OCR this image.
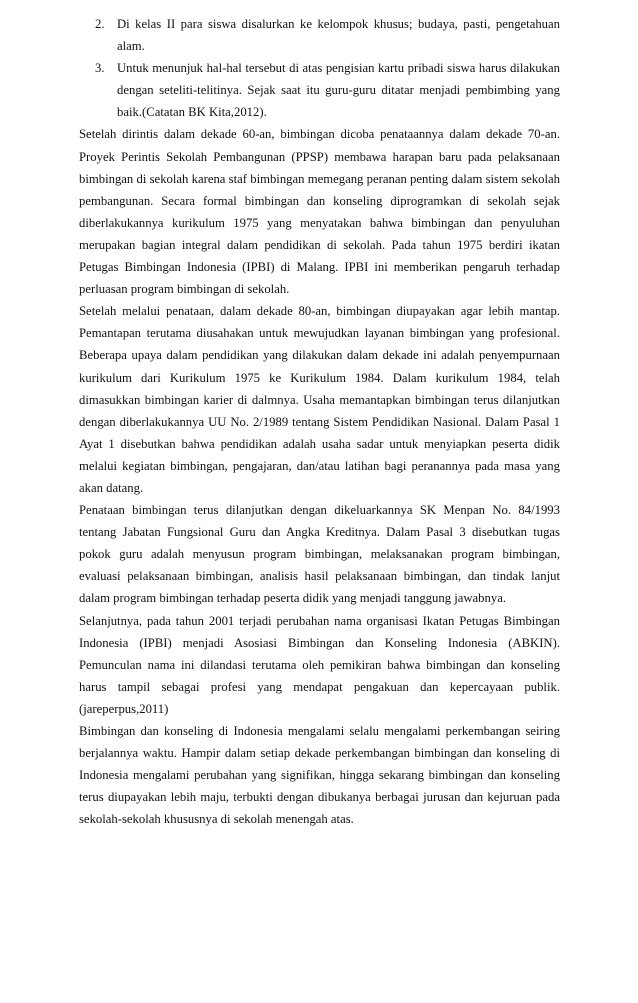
2. Di kelas II para siswa disalurkan ke kelompok khusus; budaya, pasti, pengetahuan alam.
3. Untuk menunjuk hal-hal tersebut di atas pengisian kartu pribadi siswa harus dilakukan dengan seteliti-telitinya. Sejak saat itu guru-guru ditatar menjadi pembimbing yang baik.(Catatan BK Kita,2012).

Setelah dirintis dalam dekade 60-an, bimbingan dicoba penataannya dalam dekade 70-an. Proyek Perintis Sekolah Pembangunan (PPSP) membawa harapan baru pada pelaksanaan bimbingan di sekolah karena staf bimbingan memegang peranan penting dalam sistem sekolah pembangunan. Secara formal bimbingan dan konseling diprogramkan di sekolah sejak diberlakukannya kurikulum 1975 yang menyatakan bahwa bimbingan dan penyuluhan merupakan bagian integral dalam pendidikan di sekolah. Pada tahun 1975 berdiri ikatan Petugas Bimbingan Indonesia (IPBI) di Malang. IPBI ini memberikan pengaruh terhadap perluasan program bimbingan di sekolah.

Setelah melalui penataan, dalam dekade 80-an, bimbingan diupayakan agar lebih mantap. Pemantapan terutama diusahakan untuk mewujudkan layanan bimbingan yang profesional. Beberapa upaya dalam pendidikan yang dilakukan dalam dekade ini adalah penyempurnaan kurikulum dari Kurikulum 1975 ke Kurikulum 1984. Dalam kurikulum 1984, telah dimasukkan bimbingan karier di dalmnya. Usaha memantapkan bimbingan terus dilanjutkan dengan diberlakukannya UU No. 2/1989 tentang Sistem Pendidikan Nasional. Dalam Pasal 1 Ayat 1 disebutkan bahwa pendidikan adalah usaha sadar untuk menyiapkan peserta didik melalui kegiatan bimbingan, pengajaran, dan/atau latihan bagi peranannya pada masa yang akan datang.

Penataan bimbingan terus dilanjutkan dengan dikeluarkannya SK Menpan No. 84/1993 tentang Jabatan Fungsional Guru dan Angka Kreditnya. Dalam Pasal 3 disebutkan tugas pokok guru adalah menyusun program bimbingan, melaksanakan program bimbingan, evaluasi pelaksanaan bimbingan, analisis hasil pelaksanaan bimbingan, dan tindak lanjut dalam program bimbingan terhadap peserta didik yang menjadi tanggung jawabnya.

Selanjutnya, pada tahun 2001 terjadi perubahan nama organisasi Ikatan Petugas Bimbingan Indonesia (IPBI) menjadi Asosiasi Bimbingan dan Konseling Indonesia (ABKIN). Pemunculan nama ini dilandasi terutama oleh pemikiran bahwa bimbingan dan konseling harus tampil sebagai profesi yang mendapat pengakuan dan kepercayaan publik.(jareperpus,2011)

Bimbingan dan konseling di Indonesia mengalami selalu mengalami perkembangan seiring berjalannya waktu. Hampir dalam setiap dekade perkembangan bimbingan dan konseling di Indonesia mengalami perubahan yang signifikan, hingga sekarang bimbingan dan konseling terus diupayakan lebih maju, terbukti dengan dibukanya berbagai jurusan dan kejuruan pada sekolah-sekolah khususnya di sekolah menengah atas.
